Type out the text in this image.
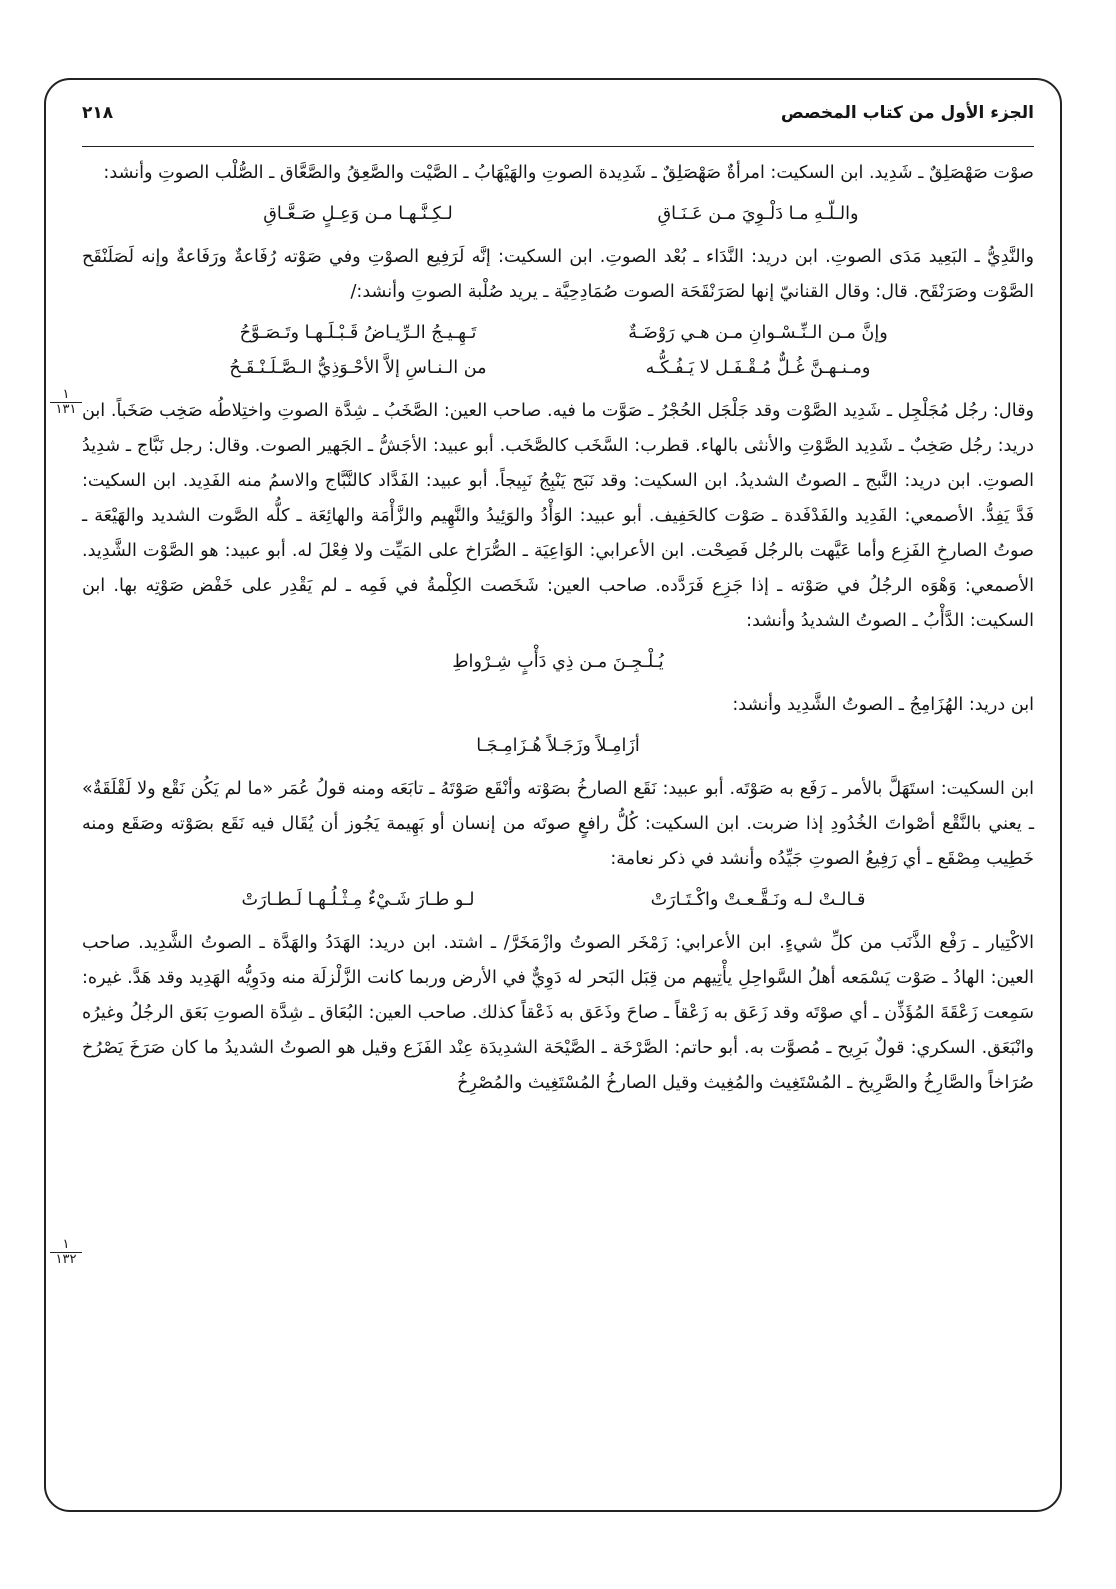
الجزء الأول من كتاب المخصص
٢١٨
١
١٣١
١
١٣٢

صوْت صَهْصَلِقٌ ـ شَدِيد. ابن السكيت: امرأةٌ صَهْصَلِقٌ ـ شَدِيدة الصوتِ والهَيْهَابُ ـ الصَّيْت والصَّعِقُ والصَّعَّاق ـ الصُّلْب الصوتِ وأنشد:

والـلّـهِ مـا دَلْـوِيَ مـن عَـنَـاقِ
لـكِـنَّـهـا مـن وَعِـلٍ صَـعَّـاقِ

والنَّدِيُّ ـ البَعِيد مَدَى الصوتِ. ابن دريد: النَّدَاء ـ بُعْد الصوتِ. ابن السكيت: إنَّه لَرَفِيع الصوْتِ وفي صَوْته رُفَاعةٌ ورَفَاعةٌ وإنه لَصَلَنْقَح الصَّوْت وصَرَنْقَح. قال: وقال القنانيّ إنها لصَرَنْقَحَة الصوت صُمَادِحِيَّة ـ يريد صُلْبة الصوتِ وأنشد:/

وإنَّ مـن الـنِّـسْـوانِ مـن هـي رَوْضَـةٌ
تَـهِـيـجُ الـرِّيـاضُ قَـبْـلَـهـا وتَـصَـوَّحُ
ومـنـهـنَّ غُـلٌّ مُـقْـفَـل لا يَـفُـكُّـه
من الـنـاسِ إلاَّ الأحْـوَذِيُّ الـصَّـلَـنْـقَـحُ

وقال: رجُل مُجَلْجِل ـ شَدِيد الصَّوْت وقد جَلْجَل الحُجْرُ ـ صَوَّت ما فيه. صاحب العين: الصَّخَبُ ـ شِدَّة الصوتِ واختِلاطُه صَخِب صَخَباً. ابن دريد: رجُل صَخِبٌ ـ شَدِيد الصَّوْتِ والأنثى بالهاء. قطرب: السَّخَب كالصَّخَب. أبو عبيد: الأجَشُّ ـ الجَهير الصوت. وقال: رجل نَبَّاج ـ شدِيدُ الصوتِ. ابن دريد: النَّبج ـ الصوتُ الشديدُ. ابن السكيت: وقد نَبَج يَنْبِجُ نَبِيجاً. أبو عبيد: الفَدَّاد كالنَّبَّاج والاسمُ منه الفَدِيد. ابن السكيت: فَدَّ يَفِدُّ. الأصمعي: الفَدِيد والفَدْفَدة ـ صَوْت كالحَفِيف. أبو عبيد: الوَأْدُ والوَئِيدُ والنَّهِيم والزَّأْمَة والهائِعَة ـ كلُّه الصَّوت الشديد والهَيْعَة ـ صوتُ الصارخِ الفَزِع وأما عَيَّهت بالرجُل فَصِحْت. ابن الأعرابي: الوَاعِيَة ـ الصُّرَاخ على المَيِّت ولا فِعْلَ له. أبو عبيد: هو الصَّوْت الشَّدِيد. الأصمعي: وَهْوَه الرجُلُ في صَوْته ـ إذا جَزِع فَرَدَّده. صاحب العين: شَخَصت الكِلْمةُ في فَمِه ـ لم يَقْدِر على خَفْض صَوْتِه بها. ابن السكيت: الدَّأْبُ ـ الصوتُ الشديدُ وأنشد:

يُـلْـجِـنَ مـن ذِي دَأْبٍ شِـرْواطِ

ابن دريد: الهُزَامِجُ ـ الصوتُ الشَّدِيد وأنشد:

أزَامِـلاً وزَجَـلاً هُـزَامِـجَـا

ابن السكيت: استَهَلَّ بالأمر ـ رَفَع به صَوْتَه. أبو عبيد: نَقَع الصارخُ بصَوْته وأنْقَع صَوْتَهُ ـ تابَعَه ومنه قولُ عُمَر «ما لم يَكُن نَقْع ولا لَقْلَقَةٌ» ـ يعني بالنَّقْع أصْواتَ الخُدُودِ إذا ضربت. ابن السكيت: كُلُّ رافعٍ صوتَه من إنسان أو بَهِيمة يَجُوز أن يُقَال فيه نَقَع بصَوْته وصَقَع ومنه خَطِيب مِصْقَع ـ أي رَفِيعُ الصوتِ جَيِّدُه وأنشد في ذكر نعامة:

قـالـتْ لـه ونَـقَّـعـتْ واكْـتَـارَتْ
لـو طـارَ شَـيْءٌ مِـثْـلُـهـا لَـطـارَتْ

الاكْتِيار ـ رَفْع الذَّنَب من كلِّ شيءٍ. ابن الأعرابي: زَمْخَر الصوتُ وازْمَخَرَّ/ ـ اشتد. ابن دريد: الهَدَدُ والهَدَّة ـ الصوتُ الشَّدِيد. صاحب العين: الهادُ ـ صَوْت يَسْمَعه أهلُ السَّواحِلِ يأْتِيهم من قِبَل البَحر له دَوِيٌّ في الأرض وربما كانت الزَّلْزلَة منه ودَوِيُّه الهَدِيد وقد هَدَّ. غيره: سَمِعت زَعْقَةَ المُؤَذِّن ـ أي صوْتَه وقد زَعَق به زَعْقاً ـ صاحَ وذَعَق به ذَعْقاً كذلك. صاحب العين: البُعَاق ـ شِدَّة الصوتِ بَعَق الرجُلُ وغيرُه وانْبَعَق. السكري: قولٌ بَرِيح ـ مُصوَّت به. أبو حاتم: الصَّرْخَة ـ الصَّيْحَة الشدِيدَة عِنْد الفَزَع وقيل هو الصوتُ الشديدُ ما كان صَرَخَ يَصْرُخ صُرَاخاً والصَّارِخُ والصَّرِيخ ـ المُسْتَغِيث والمُغِيث وقيل الصارخُ المُسْتَغِيث والمُصْرِخُ
